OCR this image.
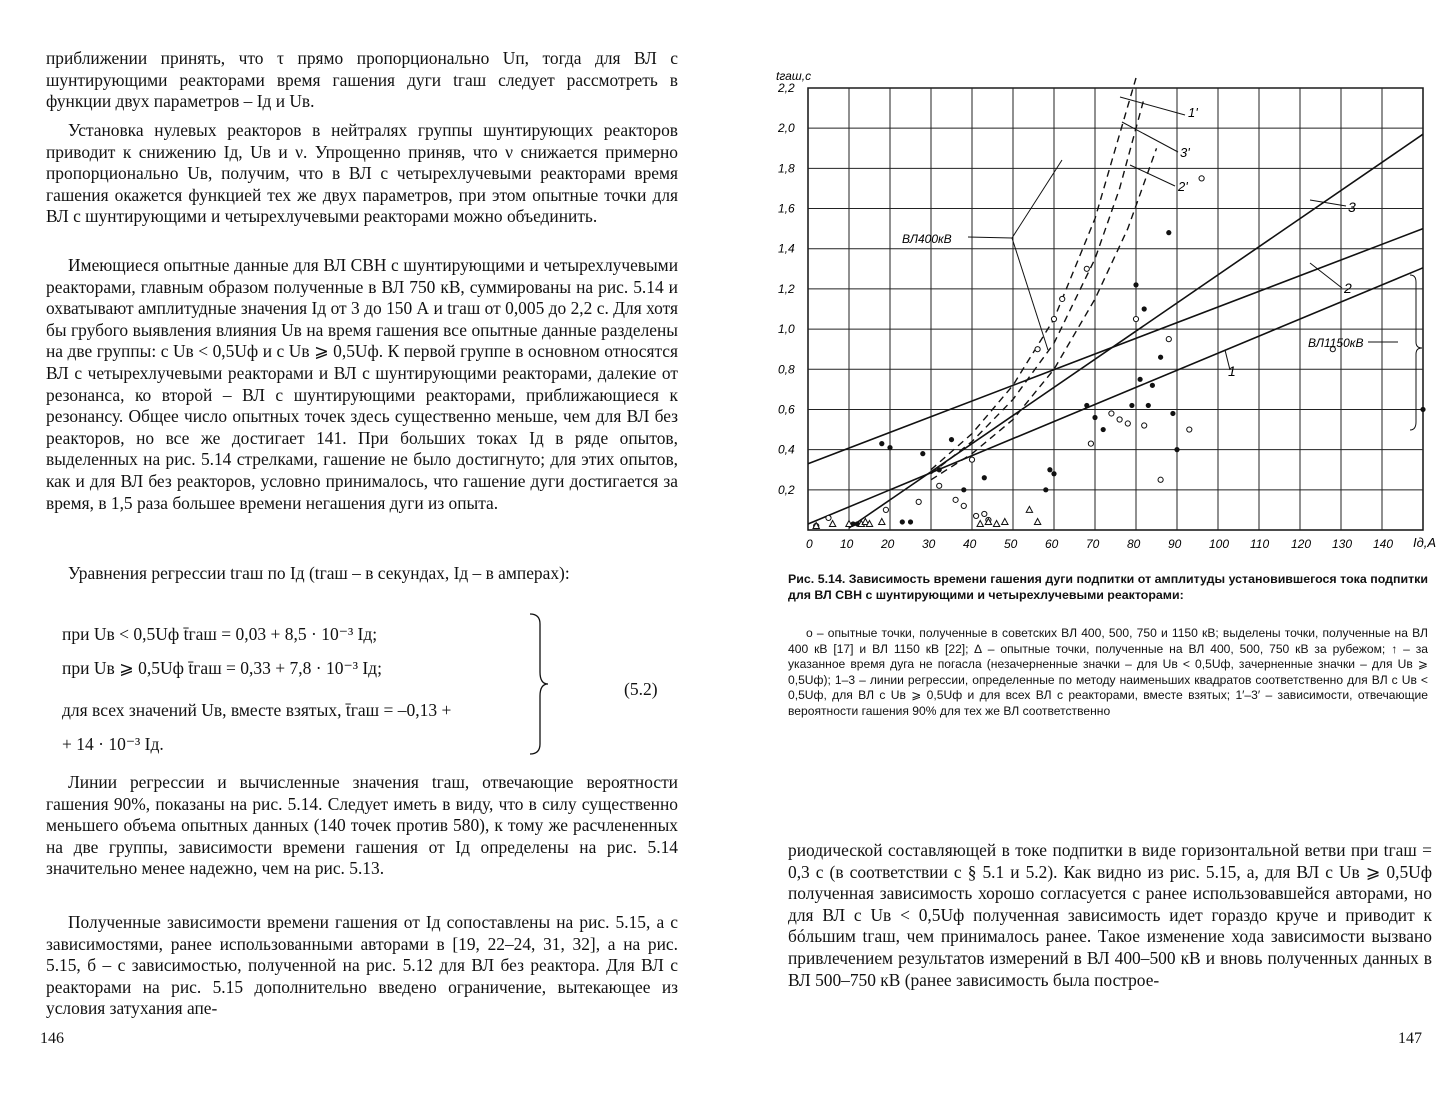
приближении принять, что τ прямо пропорционально Uп, тогда для ВЛ с шунтирующими реакторами время гашения дуги tгаш следует рассмотреть в функции двух параметров – Iд и Uв.

Установка нулевых реакторов в нейтралях группы шунтирующих реакторов приводит к снижению Iд, Uв и ν. Упрощенно приняв, что ν снижается примерно пропорционально Uв, получим, что в ВЛ с четырехлучевыми реакторами время гашения окажется функцией тех же двух параметров, при этом опытные точки для ВЛ с шунтирующими и четырехлучевыми реакторами можно объединить.

Имеющиеся опытные данные для ВЛ СВН с шунтирующими и четырехлучевыми реакторами, главным образом полученные в ВЛ 750 кВ, суммированы на рис. 5.14 и охватывают амплитудные значения Iд от 3 до 150 А и tгаш от 0,005 до 2,2 с. Для хотя бы грубого выявления влияния Uв на время гашения все опытные данные разделены на две группы: с Uв < 0,5Uф и с Uв ⩾ 0,5Uф. К первой группе в основном относятся ВЛ с четырехлучевыми реакторами и ВЛ с шунтирующими реакторами, далекие от резонанса, ко второй – ВЛ с шунтирующими реакторами, приближающиеся к резонансу. Общее число опытных точек здесь существенно меньше, чем для ВЛ без реакторов, но все же достигает 141. При больших токах Iд в ряде опытов, выделенных на рис. 5.14 стрелками, гашение не было достигнуто; для этих опытов, как и для ВЛ без реакторов, условно принималось, что гашение дуги достигается за время, в 1,5 раза большее времени негашения дуги из опыта.

Уравнения регрессии tгаш по Iд (tгаш – в секундах, Iд – в амперах):

при Uв < 0,5Uф t̄гаш = 0,03 + 8,5 · 10⁻³ Iд;
при Uв ⩾ 0,5Uф t̄гаш = 0,33 + 7,8 · 10⁻³ Iд;
для всех значений Uв, вместе взятых, t̄гаш = –0,13 +
+ 14 · 10⁻³ Iд.
(5.2)

Линии регрессии и вычисленные значения tгаш, отвечающие вероятности гашения 90%, показаны на рис. 5.14. Следует иметь в виду, что в силу существенно меньшего объема опытных данных (140 точек против 580), к тому же расчлененных на две группы, зависимости времени гашения от Iд определены на рис. 5.14 значительно менее надежно, чем на рис. 5.13.

Полученные зависимости времени гашения от Iд сопоставлены на рис. 5.15, а с зависимостями, ранее использованными авторами в [19, 22–24, 31, 32], а на рис. 5.15, б – с зависимостью, полученной на рис. 5.12 для ВЛ без реактора. Для ВЛ с реакторами на рис. 5.15 дополнительно введено ограничение, вытекающее из условия затухания апе-

146
0 10 20 30 40 50 60 70 80 90 100 110 120 130 140
0,2
0,4
0,6
0,8
1,0
1,2
1,4
1,6
1,8
2,0
2,2
tгаш,с
Iд,A
ВЛ400кВ
ВЛ1150кВ
1
2
3
1'
3'
2'

Рис. 5.14. Зависимость времени гашения дуги подпитки от амплитуды установившегося тока подпитки для ВЛ СВН с шунтирующими и четырехлучевыми реакторами:

о – опытные точки, полученные в советских ВЛ 400, 500, 750 и 1150 кВ; выделены точки, полученные на ВЛ 400 кВ [17] и ВЛ 1150 кВ [22]; ∆ – опытные точки, полученные на ВЛ 400, 500, 750 кВ за рубежом; ↑ – за указанное время дуга не погасла (незачерненные значки – для Uв < 0,5Uф, зачерненные значки – для Uв ⩾ 0,5Uф); 1–3 – линии регрессии, определенные по методу наименьших квадратов соответственно для ВЛ с Uв < 0,5Uф, для ВЛ с Uв ⩾ 0,5Uф и для всех ВЛ с реакторами, вместе взятых; 1′–3′ – зависимости, отвечающие вероятности гашения 90% для тех же ВЛ соответственно

риодической составляющей в токе подпитки в виде горизонтальной ветви при tгаш = 0,3 с (в соответствии с § 5.1 и 5.2). Как видно из рис. 5.15, а, для ВЛ с Uв ⩾ 0,5Uф полученная зависимость хорошо согласуется с ранее использовавшейся авторами, но для ВЛ с Uв < 0,5Uф полученная зависимость идет гораздо круче и приводит к бóльшим tгаш, чем принималось ранее. Такое изменение хода зависимости вызвано привлечением результатов измерений в ВЛ 400–500 кВ и вновь полученных данных в ВЛ 500–750 кВ (ранее зависимость была построе-

147
